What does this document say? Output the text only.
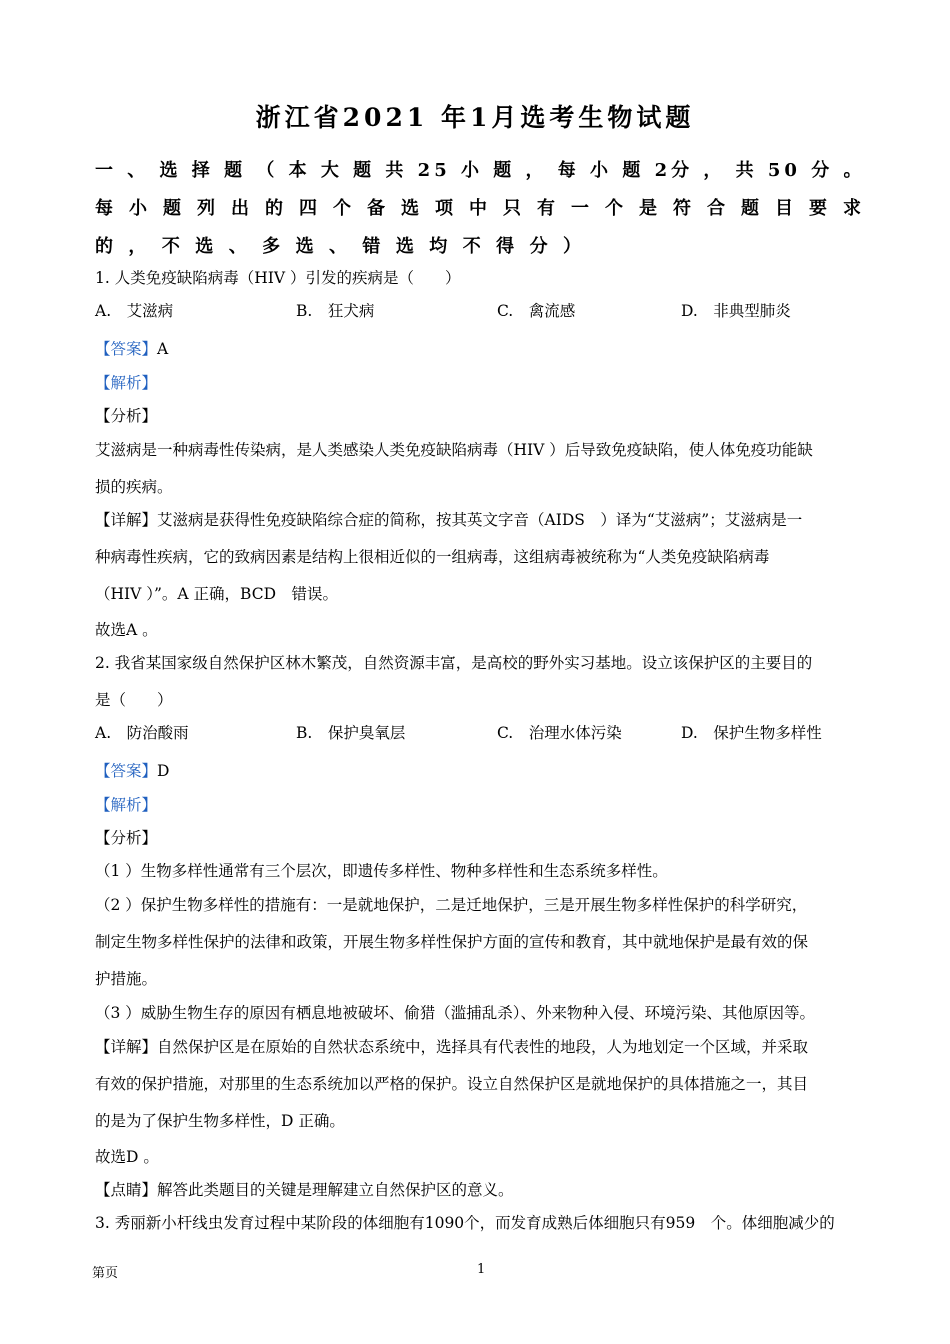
浙江省2021 年1月选考生物试题
一 、 选 择 题 （ 本 大 题 共 25 小 题 ， 每 小 题 2分 ， 共 50 分 。
每 小 题 列 出 的 四 个 备 选 项 中 只 有 一 个 是 符 合 题 目 要 求
的 ， 不 选 、 多 选 、 错 选 均 不 得 分 ）
1. 人类免疫缺陷病毒（HIV ）引发的疾病是（　　）
A.　艾滋病	B.　狂犬病	C.　禽流感	D.　非典型肺炎
【答案】A
【解析】
【分析】
艾滋病是一种病毒性传染病，是人类感染人类免疫缺陷病毒（HIV ）后导致免疫缺陷，使人体免疫功能缺
损的疾病。
【详解】艾滋病是获得性免疫缺陷综合症的简称，按其英文字音（AIDS　）译为“艾滋病”；艾滋病是一
种病毒性疾病，它的致病因素是结构上很相近似的一组病毒，这组病毒被统称为“人类免疫缺陷病毒
（HIV ）”。A 正确，BCD　错误。
故选A 。
2. 我省某国家级自然保护区林木繁茂，自然资源丰富，是高校的野外实习基地。设立该保护区的主要目的
是（　　）
A.　防治酸雨	B.　保护臭氧层	C.　治理水体污染	D.　保护生物多样性
【答案】D
【解析】
【分析】
（1 ）生物多样性通常有三个层次，即遗传多样性、物种多样性和生态系统多样性。
（2 ）保护生物多样性的措施有：一是就地保护，二是迁地保护，三是开展生物多样性保护的科学研究，
制定生物多样性保护的法律和政策，开展生物多样性保护方面的宣传和教育，其中就地保护是最有效的保
护措施。
（3 ）威胁生物生存的原因有栖息地被破坏、偷猎（滥捕乱杀）、外来物种入侵、环境污染、其他原因等。
【详解】自然保护区是在原始的自然状态系统中，选择具有代表性的地段，人为地划定一个区域，并采取
有效的保护措施，对那里的生态系统加以严格的保护。设立自然保护区是就地保护的具体措施之一，其目
的是为了保护生物多样性，D 正确。
故选D 。
【点睛】解答此类题目的关键是理解建立自然保护区的意义。
3. 秀丽新小杆线虫发育过程中某阶段的体细胞有1090个，而发育成熟后体细胞只有959　个。体细胞减少的
第页	1
